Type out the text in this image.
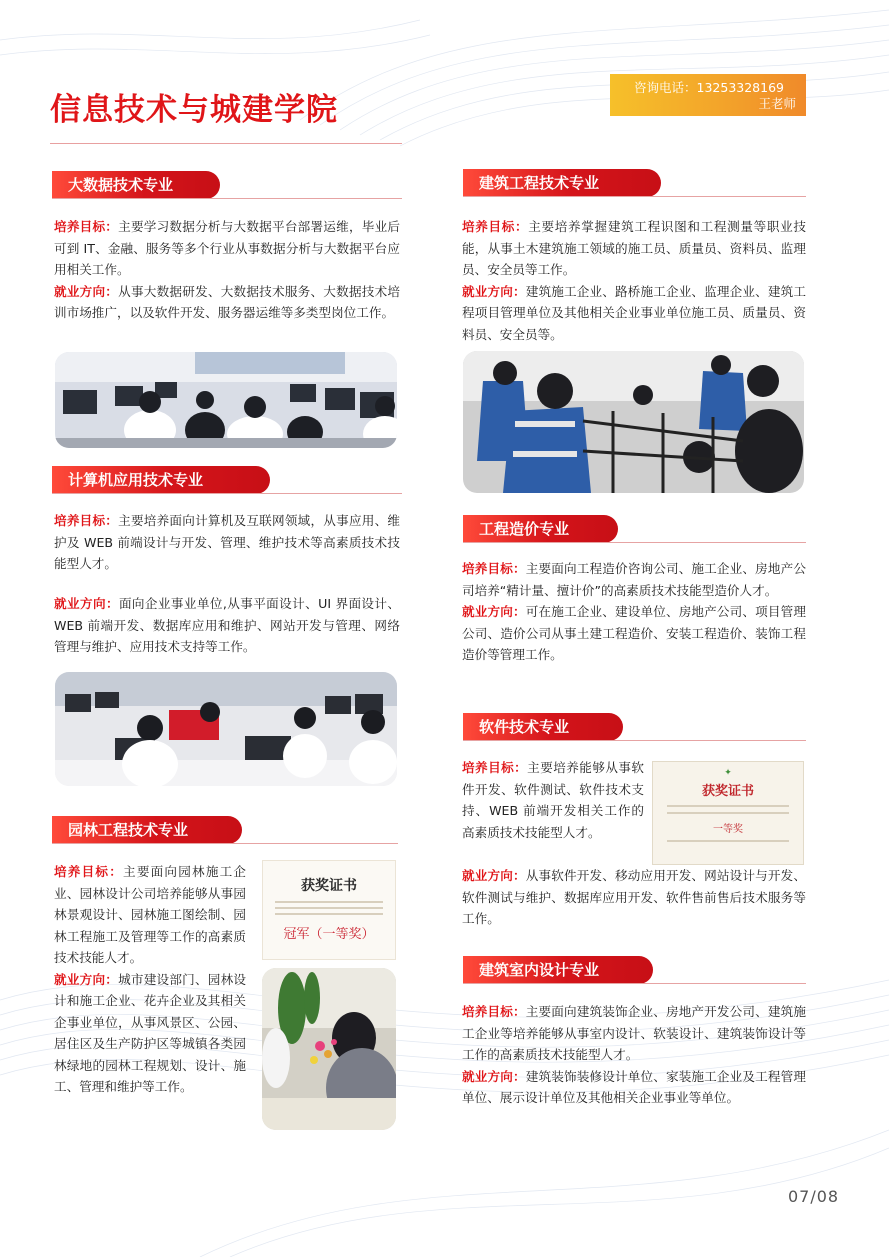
信息技术与城建学院
咨询电话：13253328169
王老师
大数据技术专业
培养目标：主要学习数据分析与大数据平台部署运维，毕业后可到 IT、金融、服务等多个行业从事数据分析与大数据平台应用相关工作。
就业方向：从事大数据研发、大数据技术服务、大数据技术培训市场推广，以及软件开发、服务器运维等多类型岗位工作。
计算机应用技术专业
培养目标：主要培养面向计算机及互联网领域，从事应用、维护及 WEB 前端设计与开发、管理、维护技术等高素质技术技能型人才。
就业方向：面向企业事业单位,从事平面设计、UI 界面设计、WEB 前端开发、数据库应用和维护、网站开发与管理、网络管理与维护、应用技术支持等工作。
园林工程技术专业
培养目标：主要面向园林施工企业、园林设计公司培养能够从事园林景观设计、园林施工图绘制、园林工程施工及管理等工作的高素质技术技能人才。
就业方向：城市建设部门、园林设计和施工企业、花卉企业及其相关企事业单位，从事风景区、公园、居住区及生产防护区等城镇各类园林绿地的园林工程规划、设计、施工、管理和维护等工作。
获奖证书
冠军（一等奖）
建筑工程技术专业
培养目标：主要培养掌握建筑工程识图和工程测量等职业技能，从事土木建筑施工领域的施工员、质量员、资料员、监理员、安全员等工作。
就业方向：建筑施工企业、路桥施工企业、监理企业、建筑工程项目管理单位及其他相关企业事业单位施工员、质量员、资料员、安全员等。
工程造价专业
培养目标：主要面向工程造价咨询公司、施工企业、房地产公司培养“精计量、擅计价”的高素质技术技能型造价人才。
就业方向：可在施工企业、建设单位、房地产公司、项目管理公司、造价公司从事土建工程造价、安装工程造价、装饰工程造价等管理工作。
软件技术专业
培养目标：主要培养能够从事软件开发、软件测试、软件技术支持、WEB 前端开发相关工作的高素质技术技能型人才。
✦
获奖证书
一等奖
就业方向：从事软件开发、移动应用开发、网站设计与开发、软件测试与维护、数据库应用开发、软件售前售后技术服务等工作。
建筑室内设计专业
培养目标：主要面向建筑装饰企业、房地产开发公司、建筑施工企业等培养能够从事室内设计、软装设计、建筑装饰设计等工作的高素质技术技能型人才。
就业方向：建筑装饰装修设计单位、家装施工企业及工程管理单位、展示设计单位及其他相关企业事业等单位。
07/08
